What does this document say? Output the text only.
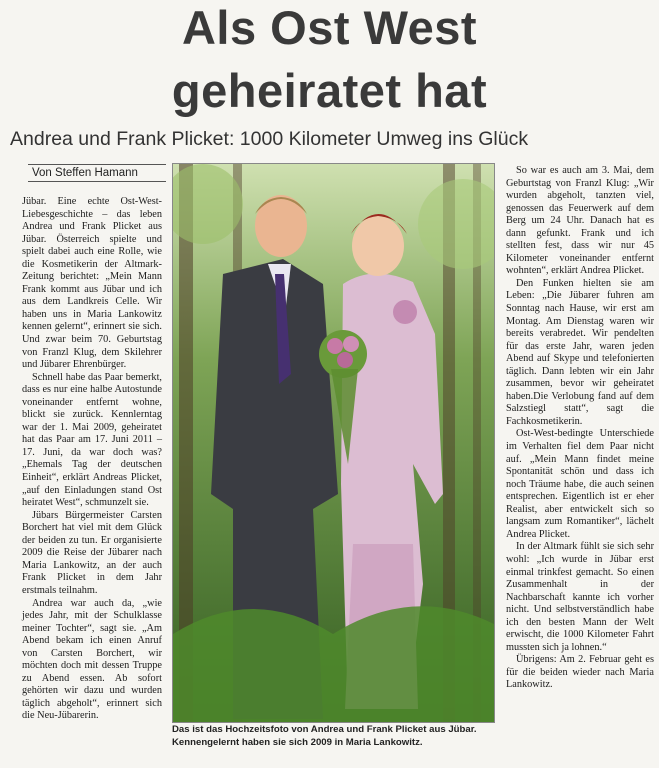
Als Ost West
geheiratet hat
Andrea und Frank Plicket: 1000 Kilometer Umweg ins Glück
Von Steffen Hamann

Jübar. Eine echte Ost-West-Liebesgeschichte – das leben Andrea und Frank Plicket aus Jübar. Österreich spielte und spielt dabei auch eine Rolle, wie die Kosmetikerin der Altmark-Zeitung berichtet: „Mein Mann Frank kommt aus Jübar und ich aus dem Landkreis Celle. Wir haben uns in Maria Lankowitz kennen gelernt“, erinnert sie sich. Und zwar beim 70. Geburtstag von Franzl Klug, dem Skilehrer und Jübarer Ehrenbürger.

Schnell habe das Paar bemerkt, dass es nur eine halbe Autostunde voneinander entfernt wohne, blickt sie zurück. Kennlerntag war der 1. Mai 2009, geheiratet hat das Paar am 17. Juni 2011 – 17. Juni, da war doch was? „Ehemals Tag der deutschen Einheit“, erklärt Andreas Plicket, „auf den Einladungen stand Ost heiratet West“, schmunzelt sie.

Jübars Bürgermeister Carsten Borchert hat viel mit dem Glück der beiden zu tun. Er organisierte 2009 die Reise der Jübarer nach Maria Lankowitz, an der auch Frank Plicket in dem Jahr erstmals teilnahm.

Andrea war auch da, „wie jedes Jahr, mit der Schulklasse meiner Tochter“, sagt sie. „Am Abend bekam ich einen Anruf von Carsten Borchert, wir möchten doch mit dessen Truppe zu Abend essen. Ab sofort gehörten wir dazu und wurden täglich abgeholt“, erinnert sich die Neu-Jübarerin.

Das ist das Hochzeitsfoto von Andrea und Frank Plicket aus Jübar.
Kennengelernt haben sie sich 2009 in Maria Lankowitz.

So war es auch am 3. Mai, dem Geburtstag von Franzl Klug: „Wir wurden abgeholt, tanzten viel, genossen das Feuerwerk auf dem Berg um 24 Uhr. Danach hat es dann gefunkt. Frank und ich stellten fest, dass wir nur 45 Kilometer voneinander entfernt wohnten“, erklärt Andrea Plicket.

Den Funken hielten sie am Leben: „Die Jübarer fuhren am Sonntag nach Hause, wir erst am Montag. Am Dienstag waren wir bereits verabredet. Wir pendelten für das erste Jahr, waren jeden Abend auf Skype und telefonierten täglich. Dann lebten wir ein Jahr zusammen, bevor wir geheiratet haben.Die Verlobung fand auf dem Salzstiegl statt“, sagt die Fachkosmetikerin.

Ost-West-bedingte Unterschiede im Verhalten fiel dem Paar nicht auf. „Mein Mann findet meine Spontanität schön und dass ich noch Träume habe, die auch seinen entsprechen. Eigentlich ist er eher Realist, aber entwickelt sich so langsam zum Romantiker“, lächelt Andrea Plicket.

In der Altmark fühlt sie sich sehr wohl: „Ich wurde in Jübar erst einmal trinkfest gemacht. So einen Zusammenhalt in der Nachbarschaft kannte ich vorher nicht. Und selbstverständlich habe ich den besten Mann der Welt erwischt, die 1000 Kilometer Fahrt mussten sich ja lohnen.“

Übrigens: Am 2. Februar geht es für die beiden wieder nach Maria Lankowitz.
